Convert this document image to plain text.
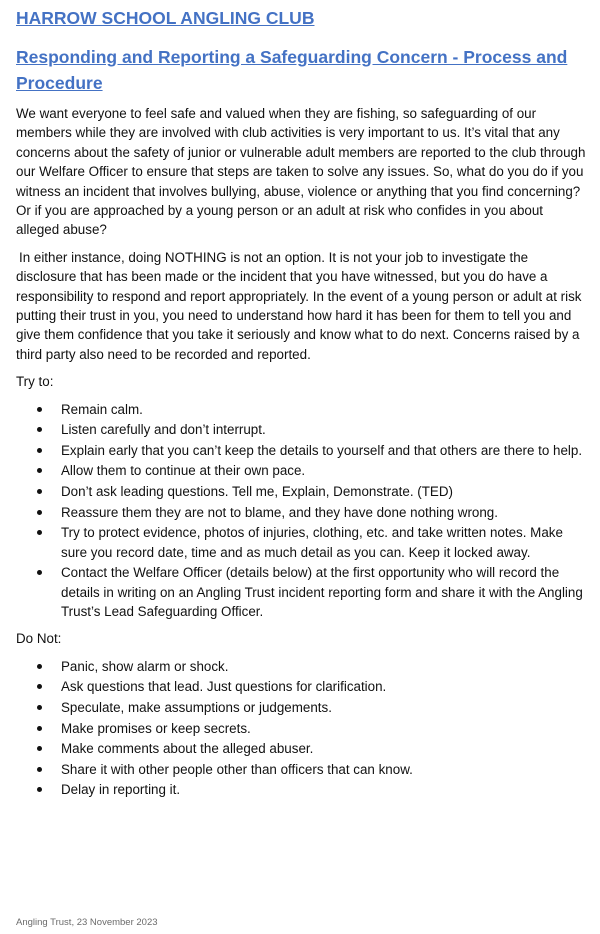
HARROW SCHOOL ANGLING CLUB
Responding and Reporting a Safeguarding Concern - Process and Procedure

We want everyone to feel safe and valued when they are fishing, so safeguarding of our members while they are involved with club activities is very important to us. It’s vital that any concerns about the safety of junior or vulnerable adult members are reported to the club through our Welfare Officer to ensure that steps are taken to solve any issues. So, what do you do if you witness an incident that involves bullying, abuse, violence or anything that you find concerning? Or if you are approached by a young person or an adult at risk who confides in you about alleged abuse?

In either instance, doing NOTHING is not an option. It is not your job to investigate the disclosure that has been made or the incident that you have witnessed, but you do have a responsibility to respond and report appropriately. In the event of a young person or adult at risk putting their trust in you, you need to understand how hard it has been for them to tell you and give them confidence that you take it seriously and know what to do next. Concerns raised by a third party also need to be recorded and reported.

Try to:

Remain calm.
Listen carefully and don’t interrupt.
Explain early that you can’t keep the details to yourself and that others are there to help.
Allow them to continue at their own pace.
Don’t ask leading questions. Tell me, Explain, Demonstrate. (TED)
Reassure them they are not to blame, and they have done nothing wrong.
Try to protect evidence, photos of injuries, clothing, etc. and take written notes. Make sure you record date, time and as much detail as you can. Keep it locked away.
Contact the Welfare Officer (details below) at the first opportunity who will record the details in writing on an Angling Trust incident reporting form and share it with the Angling Trust’s Lead Safeguarding Officer.

Do Not:

Panic, show alarm or shock.
Ask questions that lead. Just questions for clarification.
Speculate, make assumptions or judgements.
Make promises or keep secrets.
Make comments about the alleged abuser.
Share it with other people other than officers that can know.
Delay in reporting it.
Angling Trust, 23 November 2023
